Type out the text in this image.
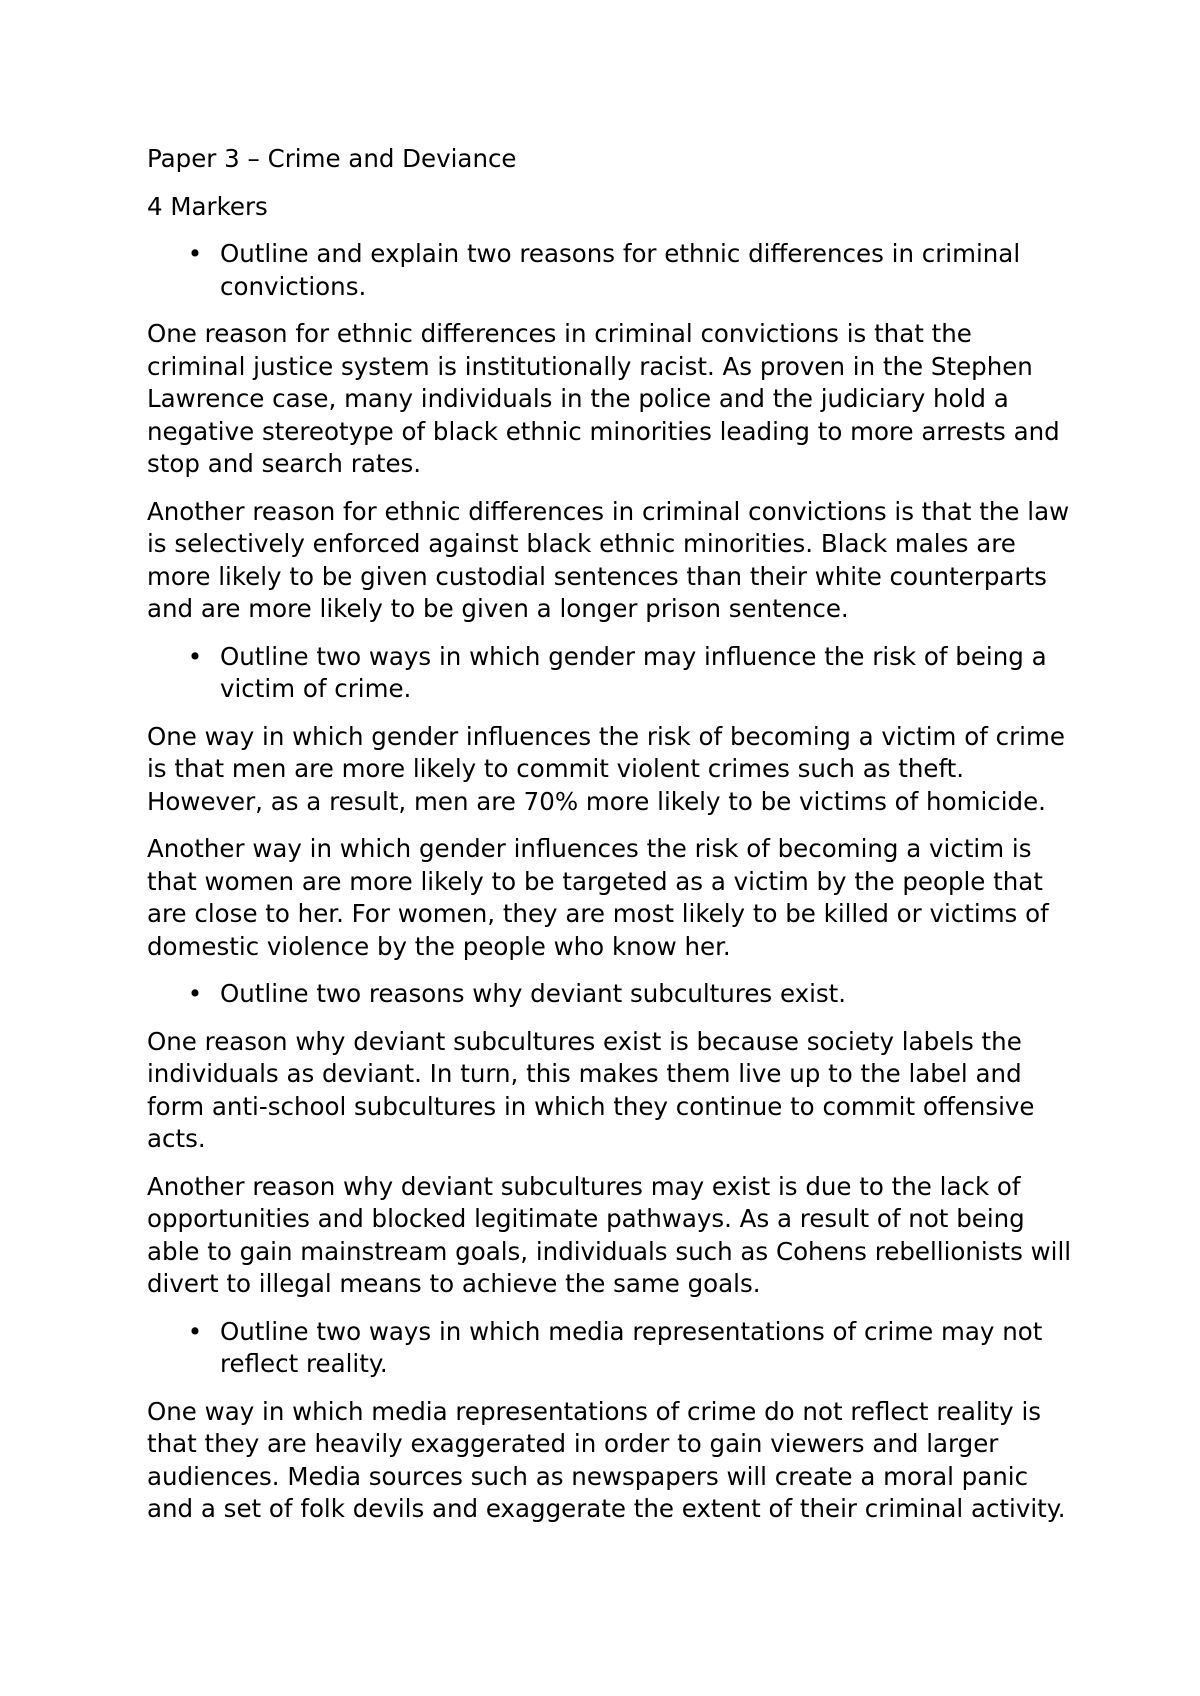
Paper 3 – Crime and Deviance

4 Markers

• Outline and explain two reasons for ethnic differences in criminal convictions.

One reason for ethnic differences in criminal convictions is that the criminal justice system is institutionally racist. As proven in the Stephen Lawrence case, many individuals in the police and the judiciary hold a negative stereotype of black ethnic minorities leading to more arrests and stop and search rates.

Another reason for ethnic differences in criminal convictions is that the law is selectively enforced against black ethnic minorities. Black males are more likely to be given custodial sentences than their white counterparts and are more likely to be given a longer prison sentence.

• Outline two ways in which gender may influence the risk of being a victim of crime.

One way in which gender influences the risk of becoming a victim of crime is that men are more likely to commit violent crimes such as theft. However, as a result, men are 70% more likely to be victims of homicide.

Another way in which gender influences the risk of becoming a victim is that women are more likely to be targeted as a victim by the people that are close to her. For women, they are most likely to be killed or victims of domestic violence by the people who know her.

• Outline two reasons why deviant subcultures exist.

One reason why deviant subcultures exist is because society labels the individuals as deviant. In turn, this makes them live up to the label and form anti-school subcultures in which they continue to commit offensive acts.

Another reason why deviant subcultures may exist is due to the lack of opportunities and blocked legitimate pathways. As a result of not being able to gain mainstream goals, individuals such as Cohens rebellionists will divert to illegal means to achieve the same goals.

• Outline two ways in which media representations of crime may not reflect reality.

One way in which media representations of crime do not reflect reality is that they are heavily exaggerated in order to gain viewers and larger audiences. Media sources such as newspapers will create a moral panic and a set of folk devils and exaggerate the extent of their criminal activity.
